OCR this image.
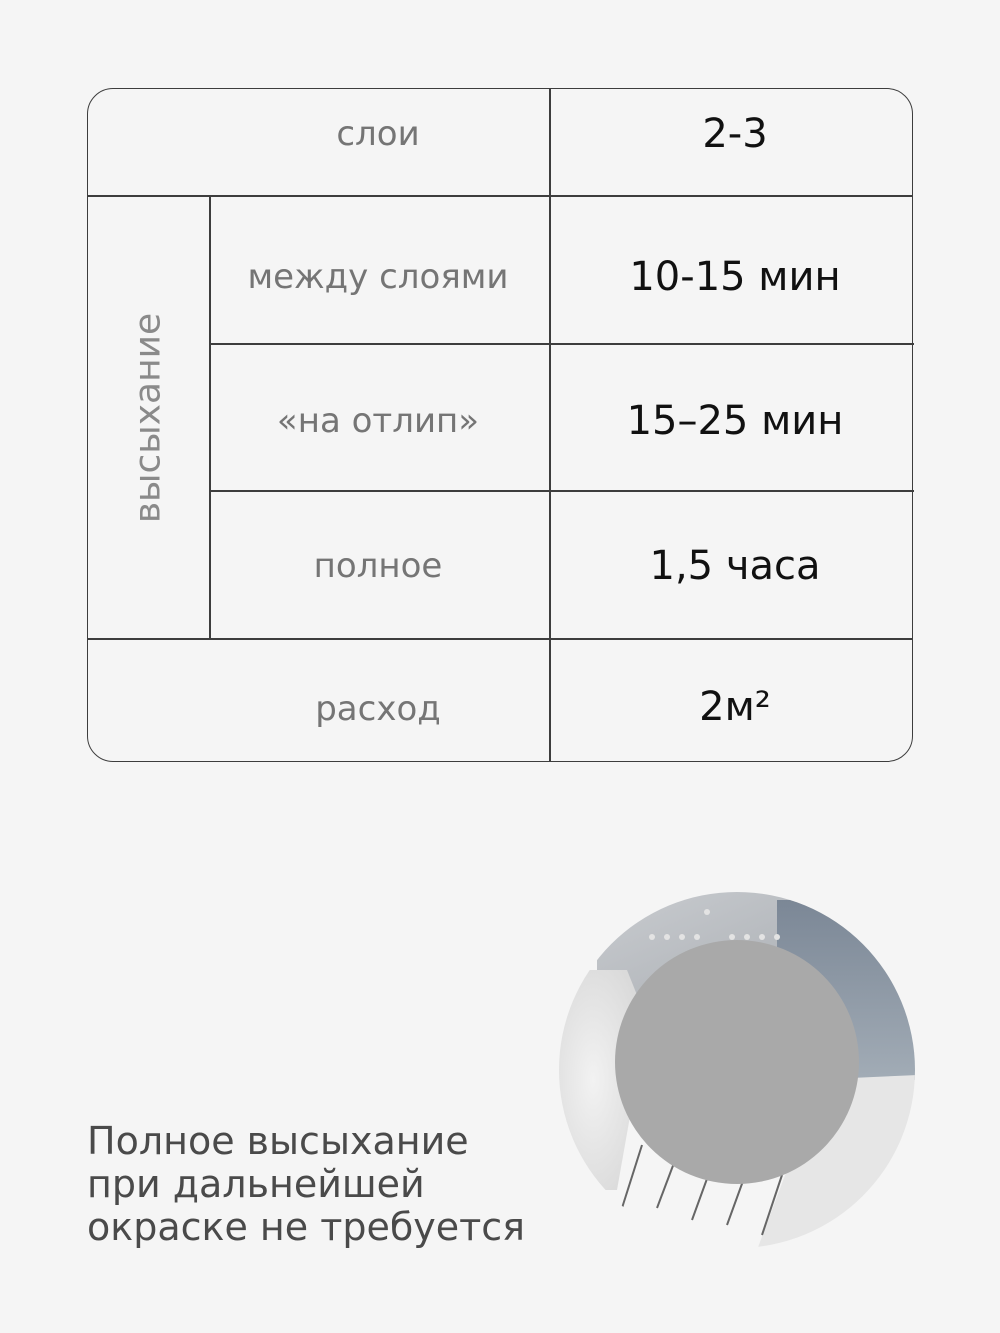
высыхание
слои	2-3
между слоями	10-15 мин
«на отлип»	15–25 мин
полное	1,5 часа
расход	2м²
Полное высыхание
при дальнейшей
окраске не требуется
